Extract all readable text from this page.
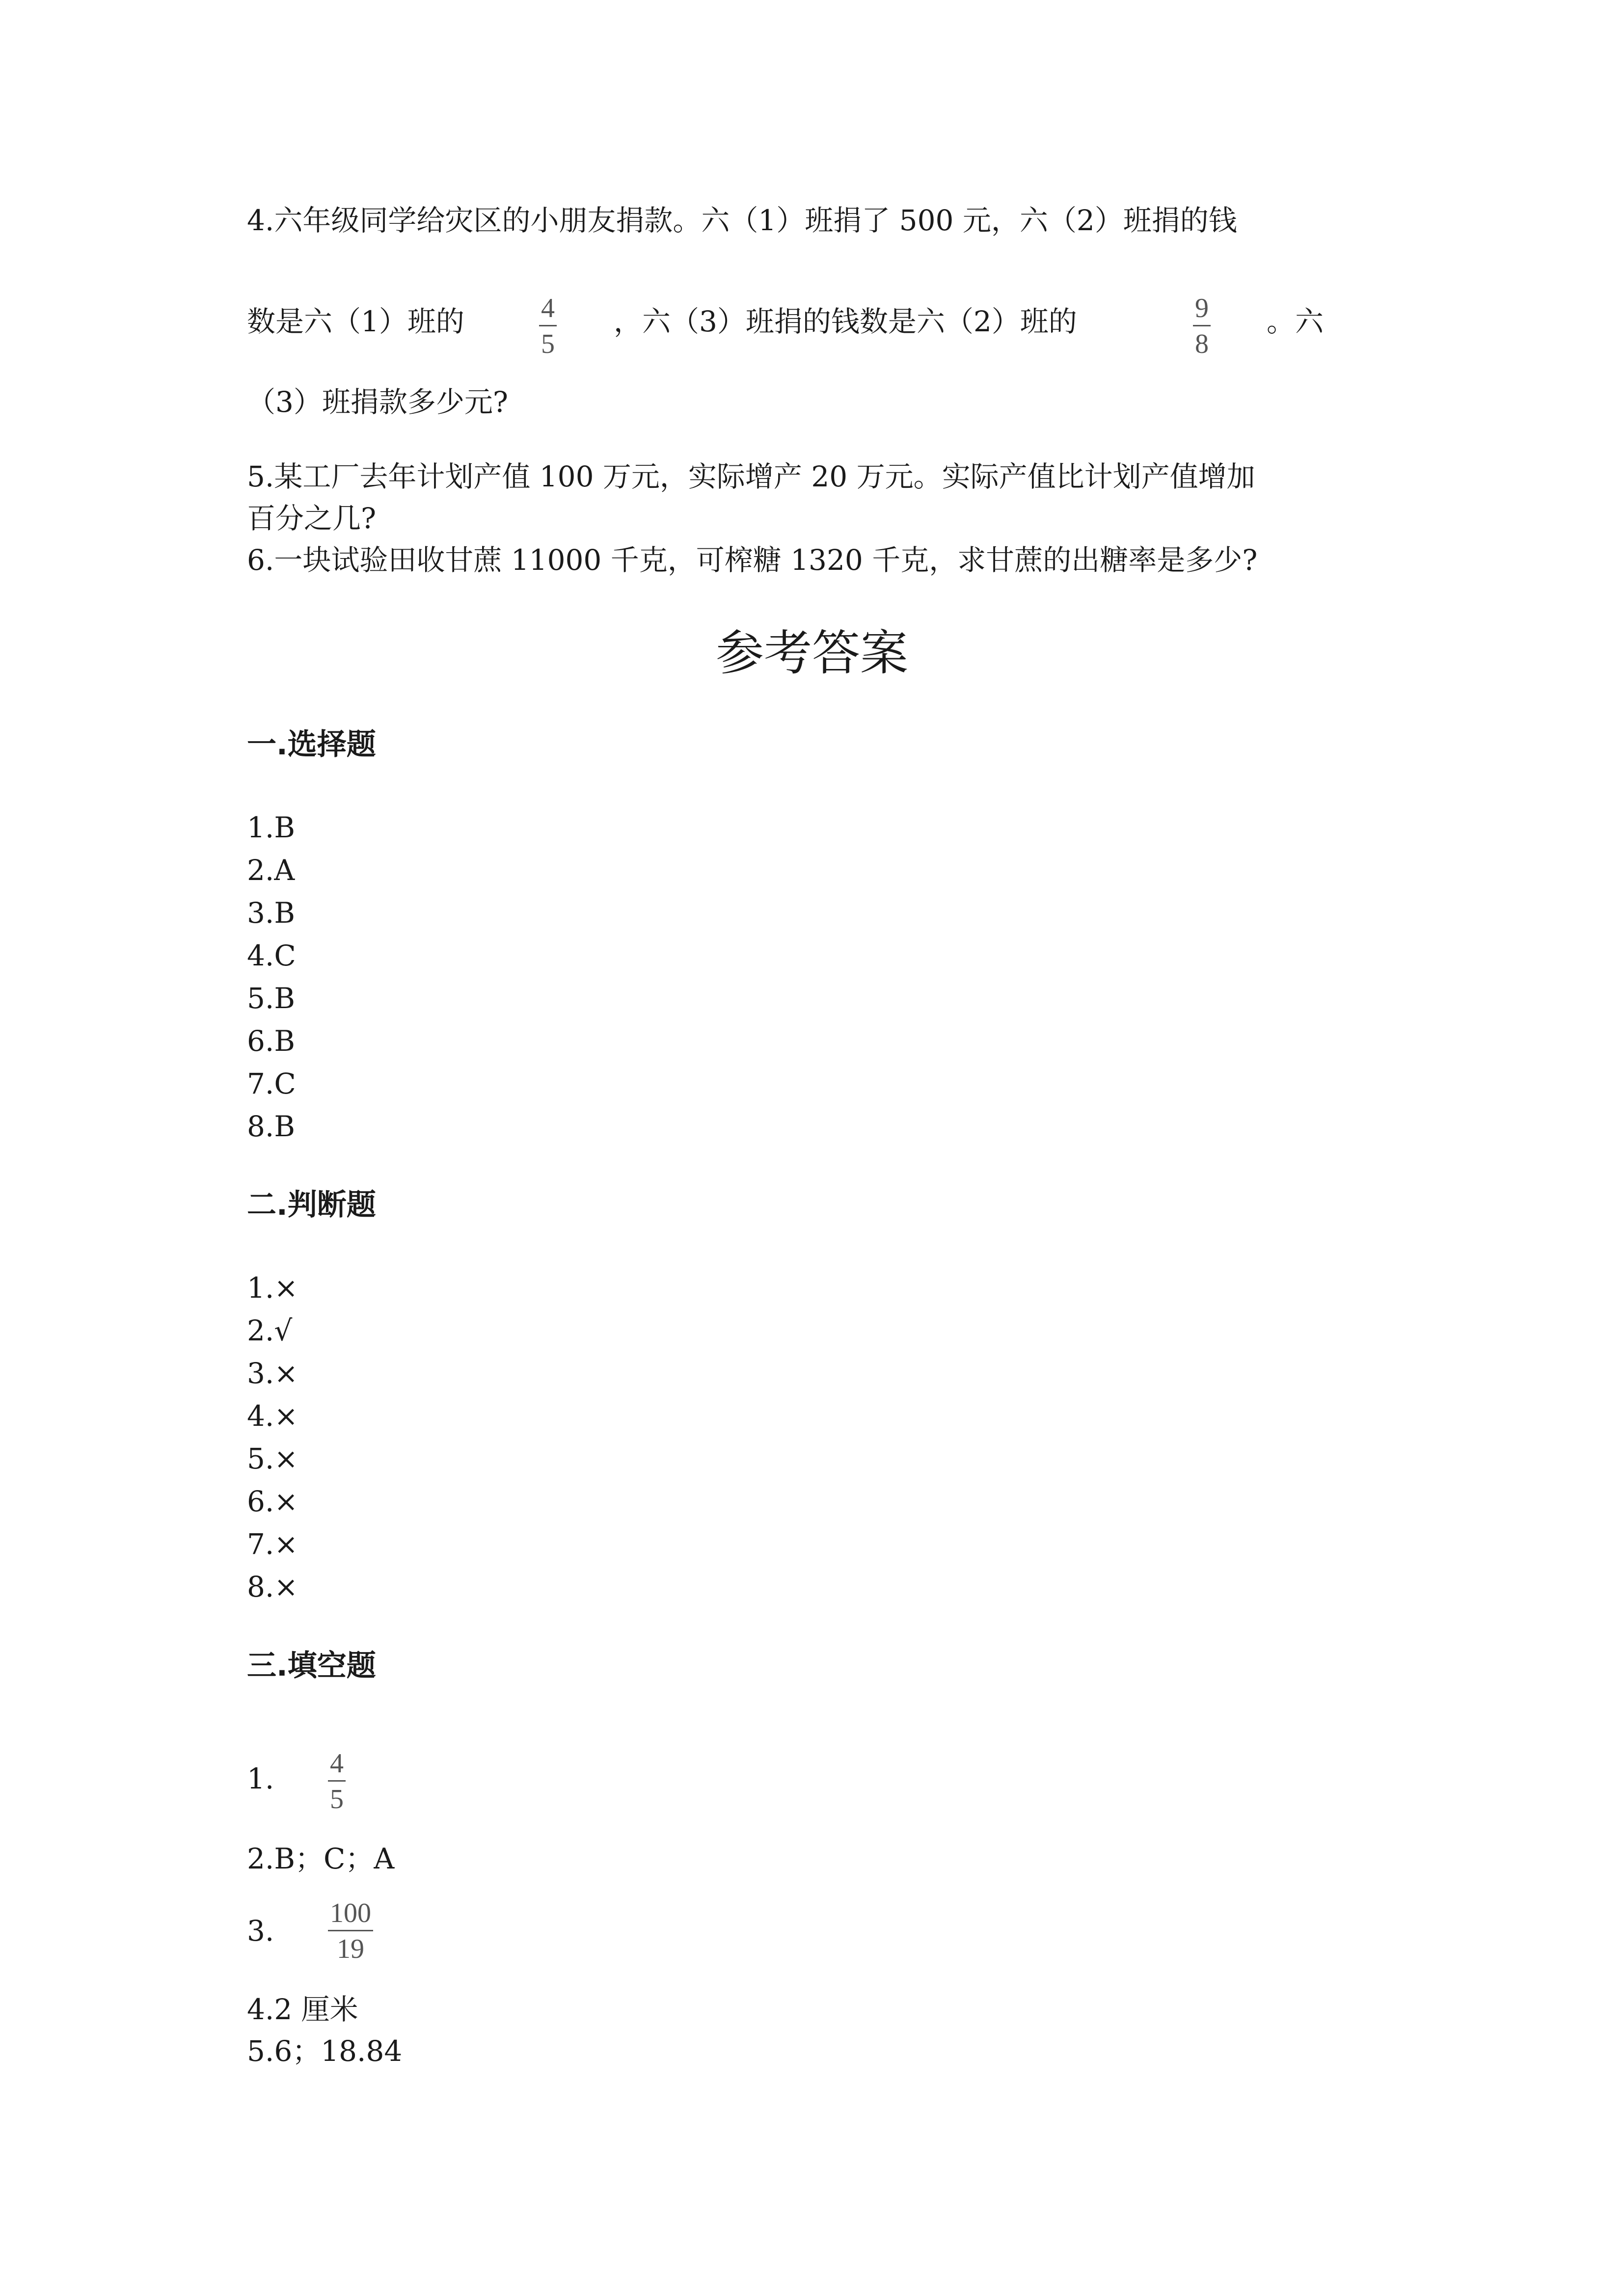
4.六年级同学给灾区的小朋友捐款。六（1）班捐了 500 元，六（2）班捐的钱
数是六（1）班的	4
5
，六（3）班捐的钱数是六（2）班的	9
8
。六
（3）班捐款多少元?
5.某工厂去年计划产值 100 万元，实际增产 20 万元。实际产值比计划产值增加
百分之几?
6.一块试验田收甘蔗 11000 千克，可榨糖 1320 千克，求甘蔗的出糖率是多少?
参考答案
一.选择题
1.B
2.A
3.B
4.C
5.B
6.B
7.C
8.B
二.判断题
1.×
2.√
3.×
4.×
5.×
6.×
7.×
8.×
三.填空题
1. 4
5
2.B；C；A
3.
100
19
4.2 厘米
5.6；18.84
